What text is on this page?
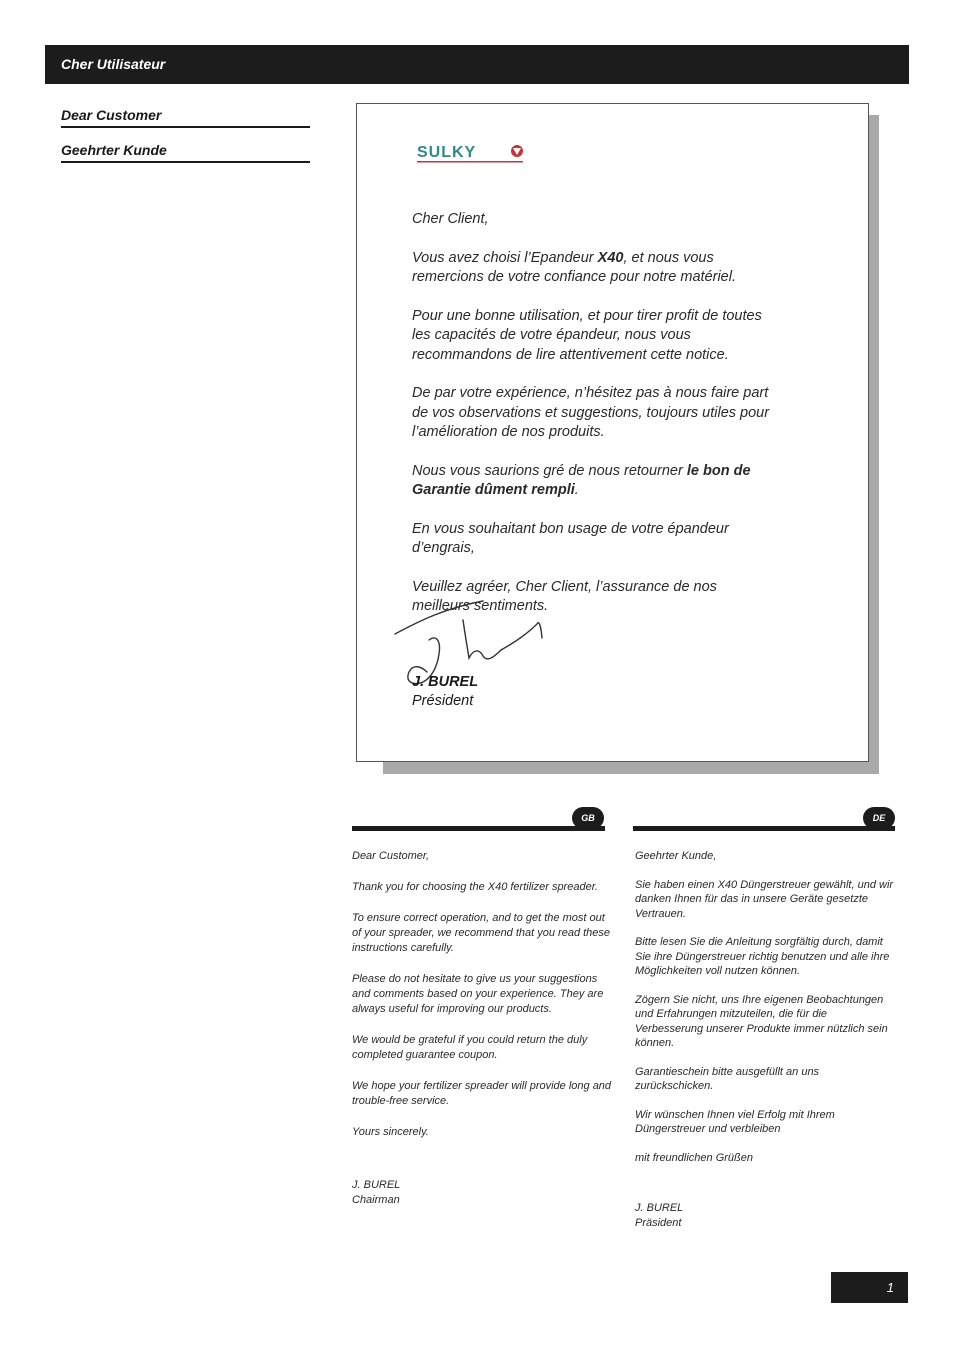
Cher Utilisateur
Dear Customer
Geehrter Kunde	SULKY

Cher Client,

Vous avez choisi l’Epandeur X40, et nous vous remercions de votre confiance pour notre matériel.

Pour une bonne utilisation, et pour tirer profit de toutes les capacités de votre épandeur, nous vous recommandons de lire attentivement cette notice.

De par votre expérience, n’hésitez pas à nous faire part de vos observations et suggestions, toujours utiles pour l’amélioration de nos produits.

Nous vous saurions gré de nous retourner le bon de Garantie dûment rempli.

En vous souhaitant bon usage de votre épandeur d’engrais,

Veuillez agréer, Cher Client, l’assurance de nos meilleurs sentiments.

J. BUREL
Président
GB

Dear Customer,

Thank you for choosing the X40 fertilizer spreader.

To ensure correct operation, and to get the most out of your spreader, we recommend that you read these instructions carefully.

Please do not hesitate to give us your suggestions and comments based on your experience. They are always useful for improving our products.

We would be grateful if you could return the duly completed guarantee coupon.

We hope your fertilizer spreader will provide long and trouble-free service.

Yours sincerely.

J. BUREL
Chairman
DE

Geehrter Kunde,

Sie haben einen X40 Düngerstreuer gewählt, und wir danken Ihnen für das in unsere Geräte gesetzte Vertrauen.

Bitte lesen Sie die Anleitung sorgfältig durch, damit Sie ihre Düngerstreuer richtig benutzen und alle ihre Möglichkeiten voll nutzen können.

Zögern Sie nicht, uns Ihre eigenen Beobachtungen und Erfahrungen mitzuteilen, die für die Verbesserung unserer Produkte immer nützlich sein können.

Garantieschein bitte ausgefüllt an uns zurückschicken.

Wir wünschen Ihnen viel Erfolg mit Ihrem Düngerstreuer und verbleiben

mit freundlichen Grüßen

J. BUREL
Präsident
1
